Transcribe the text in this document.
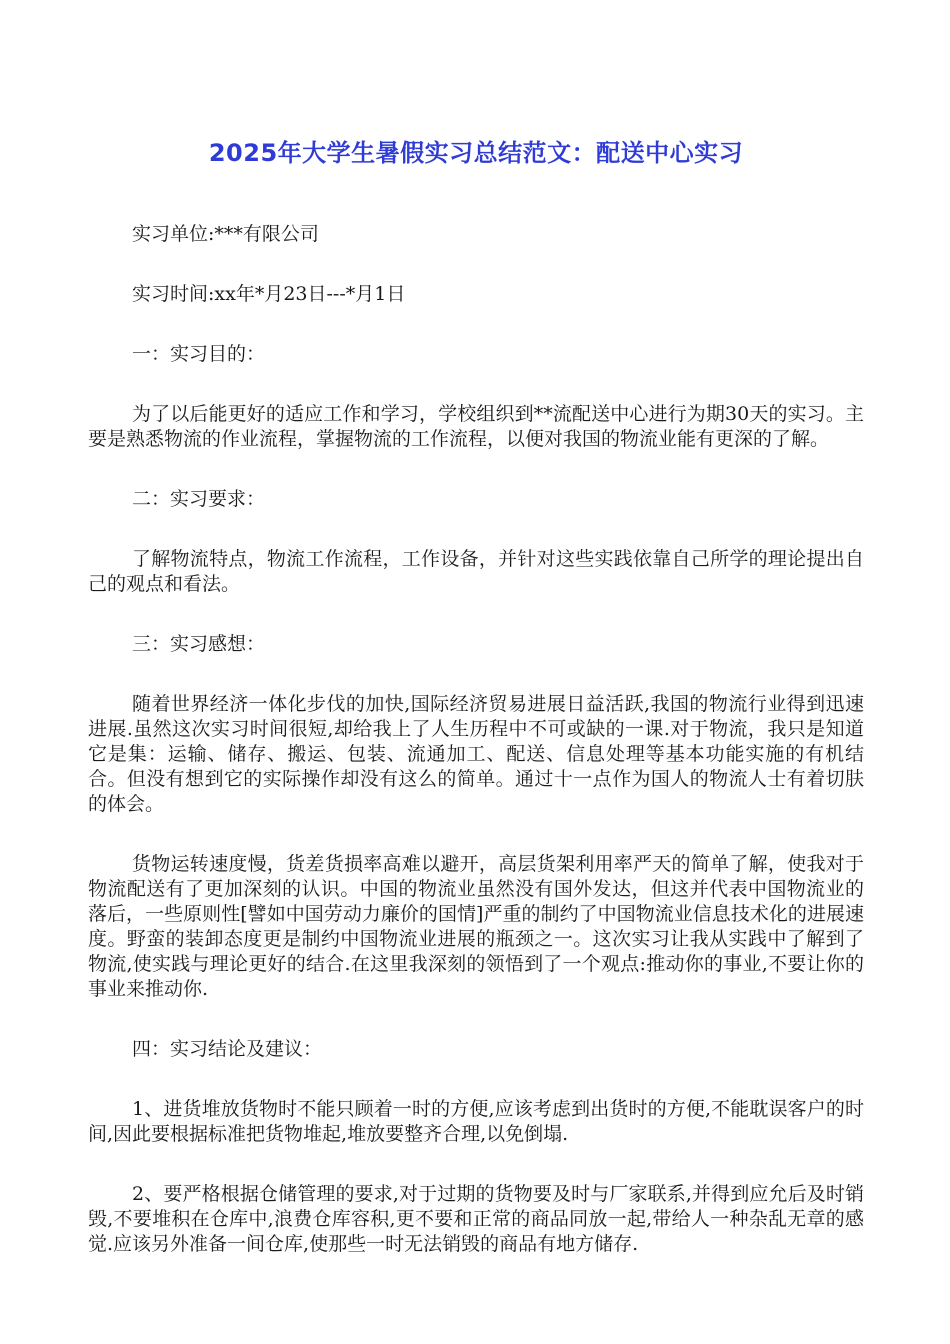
2025年大学生暑假实习总结范文：配送中心实习

实习单位:***有限公司

实习时间:xx年*月23日---*月1日

一：实习目的：

为了以后能更好的适应工作和学习，学校组织到**流配送中心进行为期30天的实习。主要是熟悉物流的作业流程，掌握物流的工作流程，以便对我国的物流业能有更深的了解。

二：实习要求：

了解物流特点，物流工作流程，工作设备，并针对这些实践依靠自己所学的理论提出自己的观点和看法。

三：实习感想：

随着世界经济一体化步伐的加快,国际经济贸易进展日益活跃,我国的物流行业得到迅速进展.虽然这次实习时间很短,却给我上了人生历程中不可或缺的一课.对于物流，我只是知道它是集：运输、储存、搬运、包装、流通加工、配送、信息处理等基本功能实施的有机结合。但没有想到它的实际操作却没有这么的简单。通过十一点作为国人的物流人士有着切肤的体会。

货物运转速度慢，货差货损率高难以避开，高层货架利用率严天的简单了解，使我对于物流配送有了更加深刻的认识。中国的物流业虽然没有国外发达，但这并代表中国物流业的落后，一些原则性[譬如中国劳动力廉价的国情]严重的制约了中国物流业信息技术化的进展速度。野蛮的装卸态度更是制约中国物流业进展的瓶颈之一。这次实习让我从实践中了解到了物流,使实践与理论更好的结合.在这里我深刻的领悟到了一个观点:推动你的事业,不要让你的事业来推动你.

四：实习结论及建议：

1、进货堆放货物时不能只顾着一时的方便,应该考虑到出货时的方便,不能耽误客户的时间,因此要根据标准把货物堆起,堆放要整齐合理,以免倒塌.

2、要严格根据仓储管理的要求,对于过期的货物要及时与厂家联系,并得到应允后及时销毁,不要堆积在仓库中,浪费仓库容积,更不要和正常的商品同放一起,带给人一种杂乱无章的感觉.应该另外准备一间仓库,使那些一时无法销毁的商品有地方储存.
